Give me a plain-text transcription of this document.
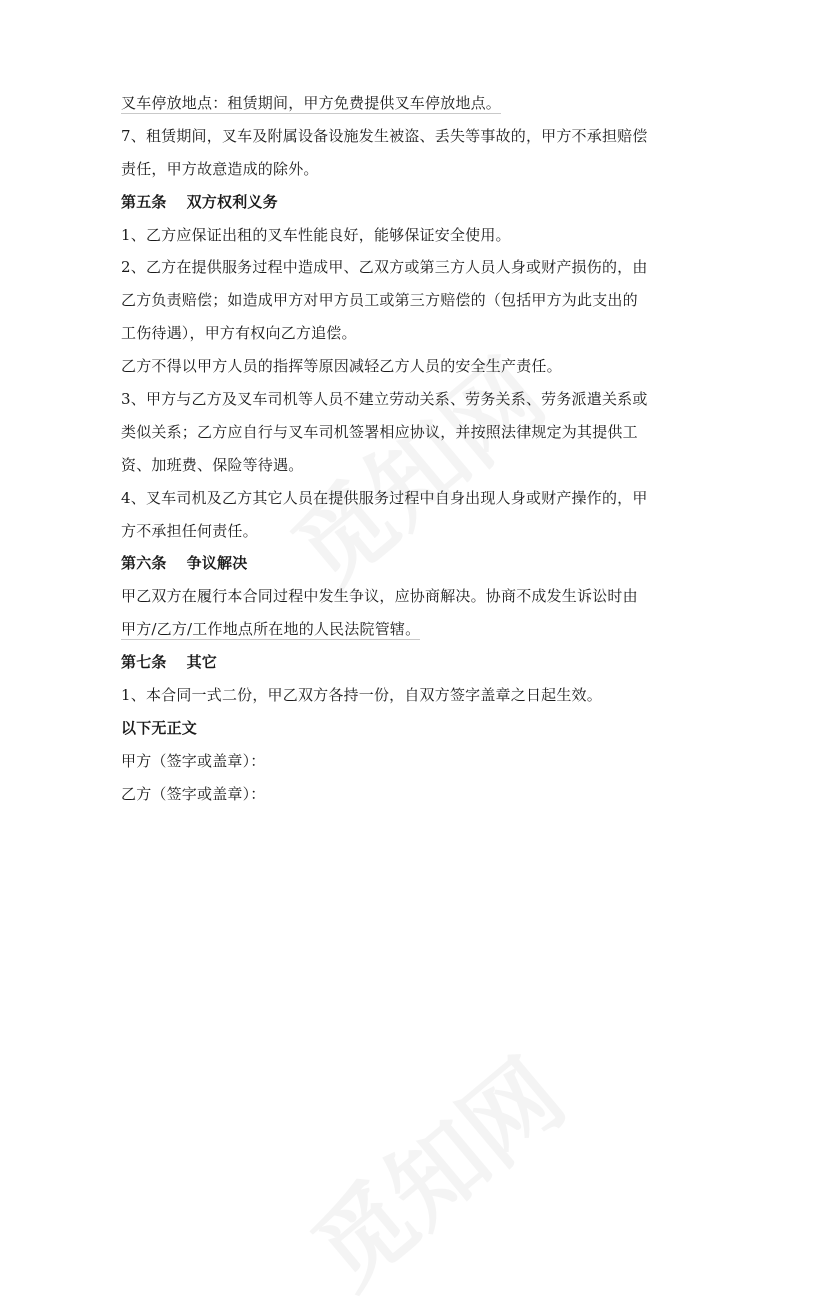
叉车停放地点：租赁期间，甲方免费提供叉车停放地点。
7、租赁期间，叉车及附属设备设施发生被盗、丢失等事故的，甲方不承担赔偿
责任，甲方故意造成的除外。
第五条 双方权利义务
1、乙方应保证出租的叉车性能良好，能够保证安全使用。
2、乙方在提供服务过程中造成甲、乙双方或第三方人员人身或财产损伤的，由
乙方负责赔偿；如造成甲方对甲方员工或第三方赔偿的（包括甲方为此支出的
工伤待遇），甲方有权向乙方追偿。
乙方不得以甲方人员的指挥等原因减轻乙方人员的安全生产责任。
3、甲方与乙方及叉车司机等人员不建立劳动关系、劳务关系、劳务派遣关系或
类似关系；乙方应自行与叉车司机签署相应协议，并按照法律规定为其提供工
资、加班费、保险等待遇。
4、叉车司机及乙方其它人员在提供服务过程中自身出现人身或财产操作的，甲
方不承担任何责任。
第六条 争议解决
甲乙双方在履行本合同过程中发生争议，应协商解决。协商不成发生诉讼时由
甲方/乙方/工作地点所在地的人民法院管辖。
第七条 其它
1、本合同一式二份，甲乙双方各持一份，自双方签字盖章之日起生效。
以下无正文
甲方（签字或盖章）：
乙方（签字或盖章）：
